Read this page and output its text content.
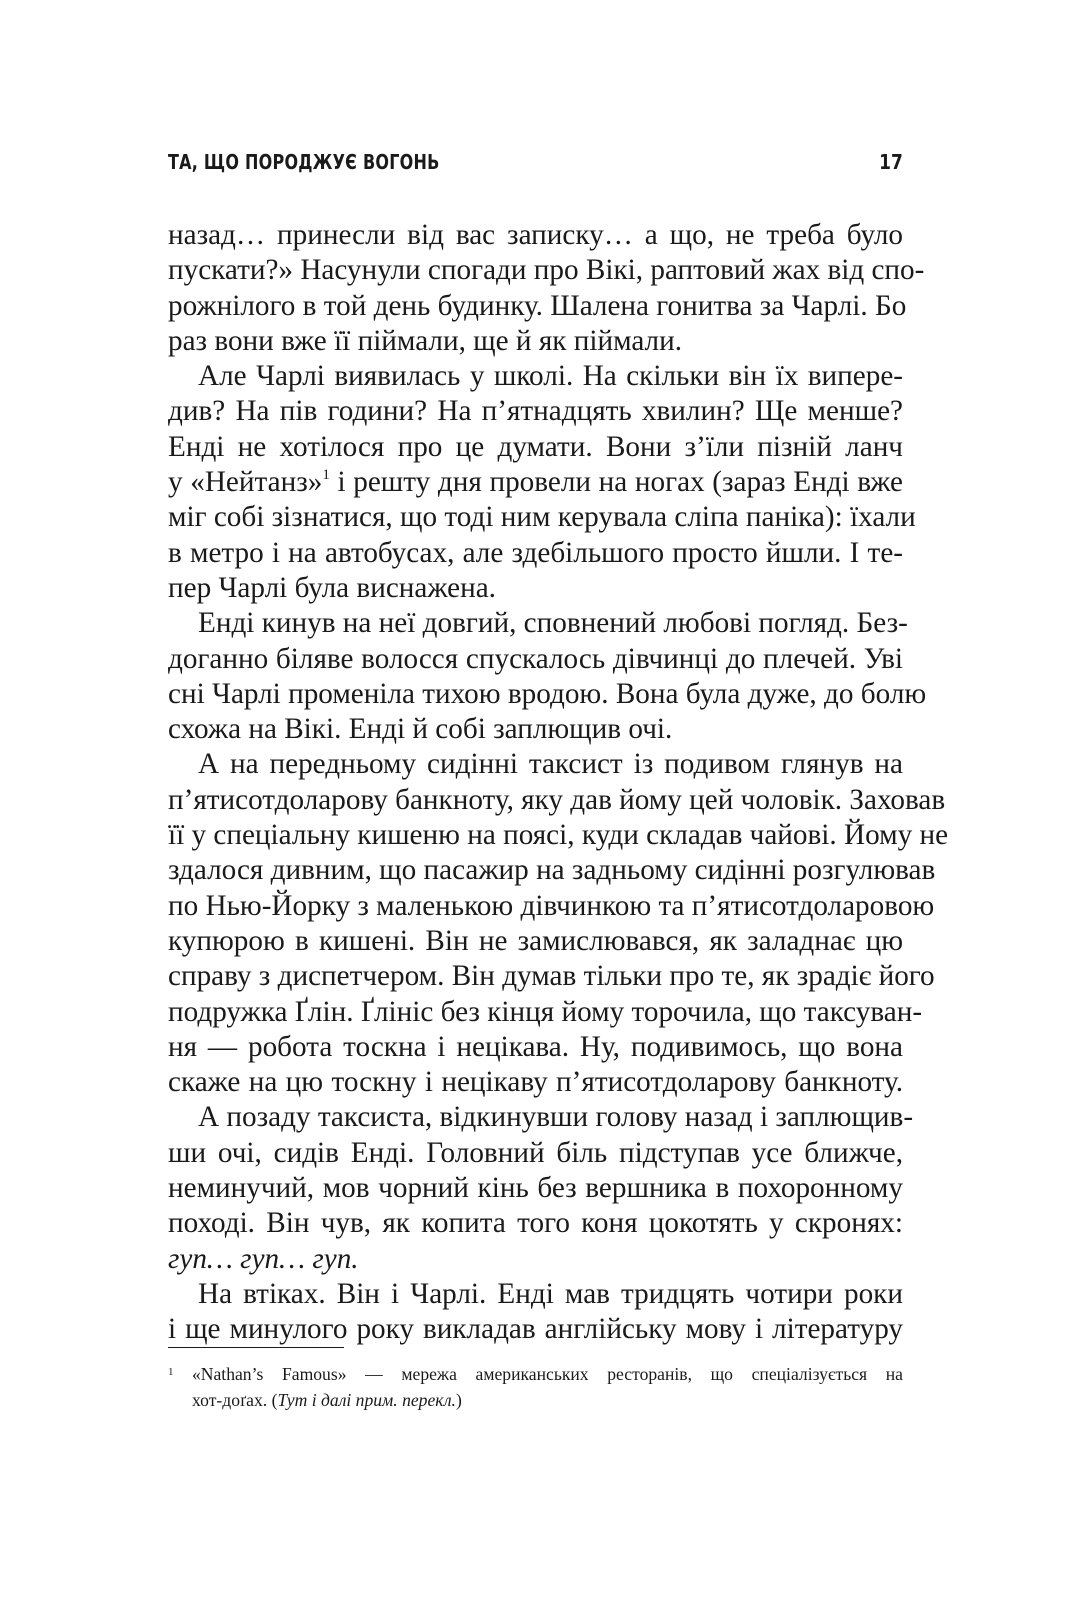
ТА, ЩО ПОРОДЖУЄ ВОГОНЬ	17
назад… принесли від вас записку… а що, не треба було
пускати?» Насунули спогади про Вікі, раптовий жах від спо-
рожнілого в той день будинку. Шалена гонитва за Чарлі. Бо
раз вони вже її піймали, ще й як піймали.
Але Чарлі виявилась у школі. На скільки він їх випере-
див? На пів години? На п’ятнадцять хвилин? Ще менше?
Енді не хотілося про це думати. Вони з’їли пізній ланч
у «Нейтанз»$^1$ і решту дня провели на ногах (зараз Енді вже
міг собі зізнатися, що тоді ним керувала сліпа паніка): їхали
в метро і на автобусах, але здебільшого просто йшли. І те-
пер Чарлі була виснажена.
Енді кинув на неї довгий, сповнений любові погляд. Без-
доганно біляве волосся спускалось дівчинці до плечей. Уві
сні Чарлі променіла тихою вродою. Вона була дуже, до болю
схожа на Вікі. Енді й собі заплющив очі.
А на передньому сидінні таксист із подивом глянув на
п’ятисотдоларову банкноту, яку дав йому цей чоловік. Заховав
її у спеціальну кишеню на поясі, куди складав чайові. Йому не
здалося дивним, що пасажир на задньому сидінні розгулював
по Нью-Йорку з маленькою дівчинкою та п’ятисотдоларовою
купюрою в кишені. Він не замислювався, як заладнає цю
справу з диспетчером. Він думав тільки про те, як зрадіє його
подружка Ґлін. Ґлініс без кінця йому торочила, що таксуван-
ня — робота тоскна і нецікава. Ну, подивимось, що вона
скаже на цю тоскну і нецікаву п’ятисотдоларову банкноту.
А позаду таксиста, відкинувши голову назад і заплющив-
ши очі, сидів Енді. Головний біль підступав усе ближче,
неминучий, мов чорний кінь без вершника в похоронному
поході. Він чув, як копита того коня цокотять у скронях:
гуп… гуп… гуп.
На втіках. Він і Чарлі. Енді мав тридцять чотири роки
і ще минулого року викладав англійську мову і літературу
1 «Nathan’s Famous» — мережа американських ресторанів, що спеціалізується на
хот-доґах. (Тут і далі прим. перекл.)
